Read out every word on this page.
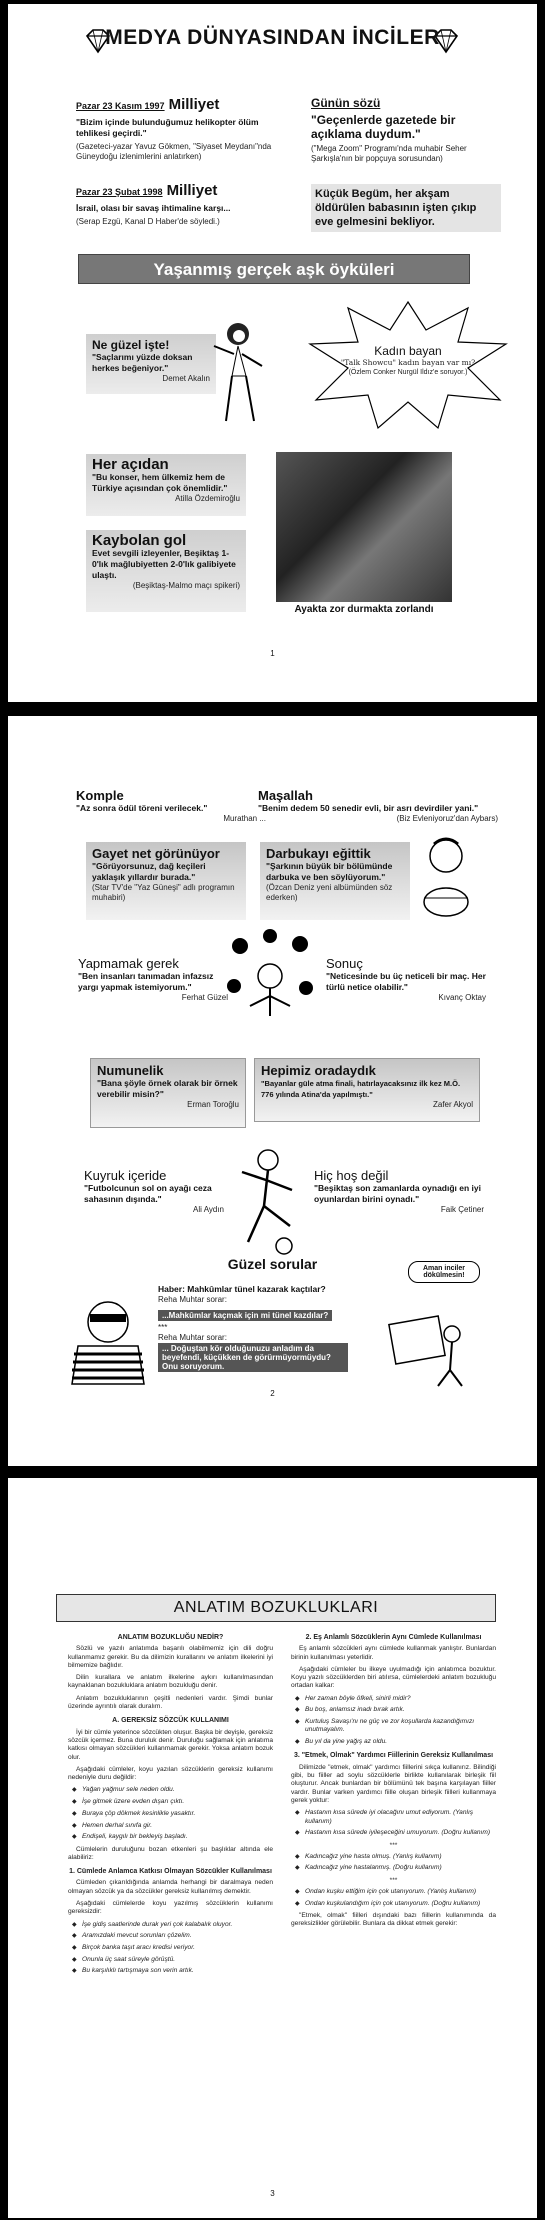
MEDYA DÜNYASINDAN İNCİLER
Pazar 23 Kasım 1997 Milliyet
"Bizim içinde bulunduğumuz helikopter ölüm tehlikesi geçirdi."
(Gazeteci-yazar Yavuz Gökmen, "Siyaset Meydanı"nda Güneydoğu izlenimlerini anlatırken)
Günün sözü
"Geçenlerde gazetede bir açıklama duydum."
("Mega Zoom" Programı'nda muhabir Seher Şarkışla'nın bir popçuya sorusundan)
Pazar 23 Şubat 1998 Milliyet
İsrail, olası bir savaş ihtimaline karşı...
(Serap Ezgü, Kanal D Haber'de söyledi.)
Küçük Begüm, her akşam öldürülen babasının işten çıkıp eve gelmesini bekliyor.
Yaşanmış gerçek aşk öyküleri
Ne güzel işte!
"Saçlarımı yüzde doksan herkes beğeniyor."
Demet Akalın
Kadın bayan
"Talk Showcu" kadın bayan var mı?
(Özlem Conker Nurgül Ildız'e soruyor.)
Her açıdan
"Bu konser, hem ülkemiz hem de Türkiye açısından çok önemlidir."
Atilla Özdemiroğlu
Kaybolan gol
Evet sevgili izleyenler, Beşiktaş 1-0'lık mağlubiyetten 2-0'lık galibiyete ulaştı.
(Beşiktaş-Malmo maçı spikeri)
Ayakta zor durmakta zorlandı
1
Komple
"Az sonra ödül töreni verilecek."
Murathan ...
Maşallah
"Benim dedem 50 senedir evli, bir asrı devirdiler yani."
(Biz Evleniyoruz'dan Aybars)
Gayet net görünüyor
"Görüyorsunuz, dağ keçileri yaklaşık yıllardır burada."
(Star TV'de "Yaz Güneşi" adlı programın muhabiri)
Darbukayı eğittik
"Şarkının büyük bir bölümünde darbuka ve ben söylüyorum."
(Özcan Deniz yeni albümünden söz ederken)
Yapmamak gerek
"Ben insanları tanımadan infazsız yargı yapmak istemiyorum."
Ferhat Güzel
Sonuç
"Neticesinde bu üç neticeli bir maç. Her türlü netice olabilir."
Kıvanç Oktay
Numunelik
"Bana şöyle örnek olarak bir örnek verebilir misin?"
Erman Toroğlu
Hepimiz oradaydık
"Bayanlar güle atma finali, hatırlayacaksınız ilk kez M.Ö. 776 yılında Atina'da yapılmıştı."
Zafer Akyol
Kuyruk içeride
"Futbolcunun sol on ayağı ceza sahasının dışında."
Ali Aydın
Hiç hoş değil
"Beşiktaş son zamanlarda oynadığı en iyi oyunlardan birini oynadı."
Faik Çetiner
Güzel sorular
Haber: Mahkûmlar tünel kazarak kaçtılar?
Reha Muhtar sorar:
...Mahkûmlar kaçmak için mi tünel kazdılar?
***
Reha Muhtar sorar:
... Doğuştan kör olduğunuzu anladım da beyefendi, küçükken de görürmüyormüydu? Onu soruyorum.
Aman inciler dökülmesin!
2
ANLATIM BOZUKLUKLARI
ANLATIM BOZUKLUĞU NEDİR?

Sözlü ve yazılı anlatımda başarılı olabilmemiz için dili doğru kullanmamız gerekir. Bu da dilimizin kurallarını ve anlatım ilkelerini iyi bilmemize bağlıdır.

Dilin kurallara ve anlatım ilkelerine aykırı kullanılmasından kaynaklanan bozukluklara anlatım bozukluğu denir.

Anlatım bozukluklarının çeşitli nedenleri vardır. Şimdi bunlar üzerinde ayrıntılı olarak duralım.

A. GEREKSİZ SÖZCÜK KULLANIMI

İyi bir cümle yeterince sözcükten oluşur. Başka bir deyişle, gereksiz sözcük içermez. Buna duruluk denir. Duruluğu sağlamak için anlatıma katkısı olmayan sözcükleri kullanmamak gerekir. Yoksa anlatım bozuk olur.

Aşağıdaki cümleler, koyu yazılan sözcüklerin gereksiz kullanımı nedeniyle duru değildir:

◆ Yağan yağmur sele neden oldu.
◆ İşe gitmek üzere evden dışarı çıktı.
◆ Buraya çöp dökmek kesinlikle yasaktır.
◆ Hemen derhal sınıfa gir.
◆ Endişeli, kaygılı bir bekleyiş başladı.

Cümlelerin duruluğunu bozan etkenleri şu başlıklar altında ele alabiliriz:

1. Cümlede Anlamca Katkısı Olmayan Sözcükler Kullanılması

Cümleden çıkarıldığında anlamda herhangi bir daralmaya neden olmayan sözcük ya da sözcükler gereksiz kullanılmış demektir.

Aşağıdaki cümlelerde koyu yazılmış sözcüklerin kullanımı gereksizdir:

◆ İşe gidiş saatlerinde durak yeri çok kalabalık oluyor.
◆ Aramızdaki mevcut sorunları çözelim.
◆ Birçok banka taşıt aracı kredisi veriyor.
◆ Onunla üç saat süreyle görüştü.
◆ Bu karşılıklı tartışmaya son verin artık.
2. Eş Anlamlı Sözcüklerin Aynı Cümlede Kullanılması

Eş anlamlı sözcükleri aynı cümlede kullanmak yanlıştır. Bunlardan birinin kullanılması yeterlidir.

Aşağıdaki cümleler bu ilkeye uyulmadığı için anlatımca bozuktur. Koyu yazılı sözcüklerden biri atılırsa, cümlelerdeki anlatım bozukluğu ortadan kalkar:

◆ Her zaman böyle öfkeli, sinirli midir?
◆ Bu boş, anlamsız inadı bırak artık.
◆ Kurtuluş Savaşı'nı ne güç ve zor koşullarda kazandığımızı unutmayalım.
◆ Bu yıl da yine yağış az oldu.
3. "Etmek, Olmak" Yardımcı Fiillerinin Gereksiz Kullanılması

Dilimizde "etmek, olmak" yardımcı fiillerini sıkça kullanırız. Bilindiği gibi, bu fiiller ad soylu sözcüklerle birlikte kullanılarak birleşik fiil oluşturur. Ancak bunlardan bir bölümünü tek başına karşılayan fiiller vardır. Bunlar varken yardımcı fiille oluşan birleşik fiilleri kullanmaya gerek yoktur:

◆ Hastanın kısa sürede iyi olacağını umut ediyorum. (Yanlış kullanım)
◆ Hastanın kısa sürede iyileşeceğini umuyorum. (Doğru kullanım)
***
◆ Kadıncağız yine hasta olmuş. (Yanlış kullanım)
◆ Kadıncağız yine hastalanmış. (Doğru kullanım)
***
◆ Ondan kuşku ettiğim için çok utanıyorum. (Yanlış kullanım)
◆ Ondan kuşkulandığım için çok utanıyorum. (Doğru kullanım)

"Etmek, olmak" fiilleri dışındaki bazı fiillerin kullanımında da gereksizlikler görülebilir. Bunlara da dikkat etmek gerekir:

3
